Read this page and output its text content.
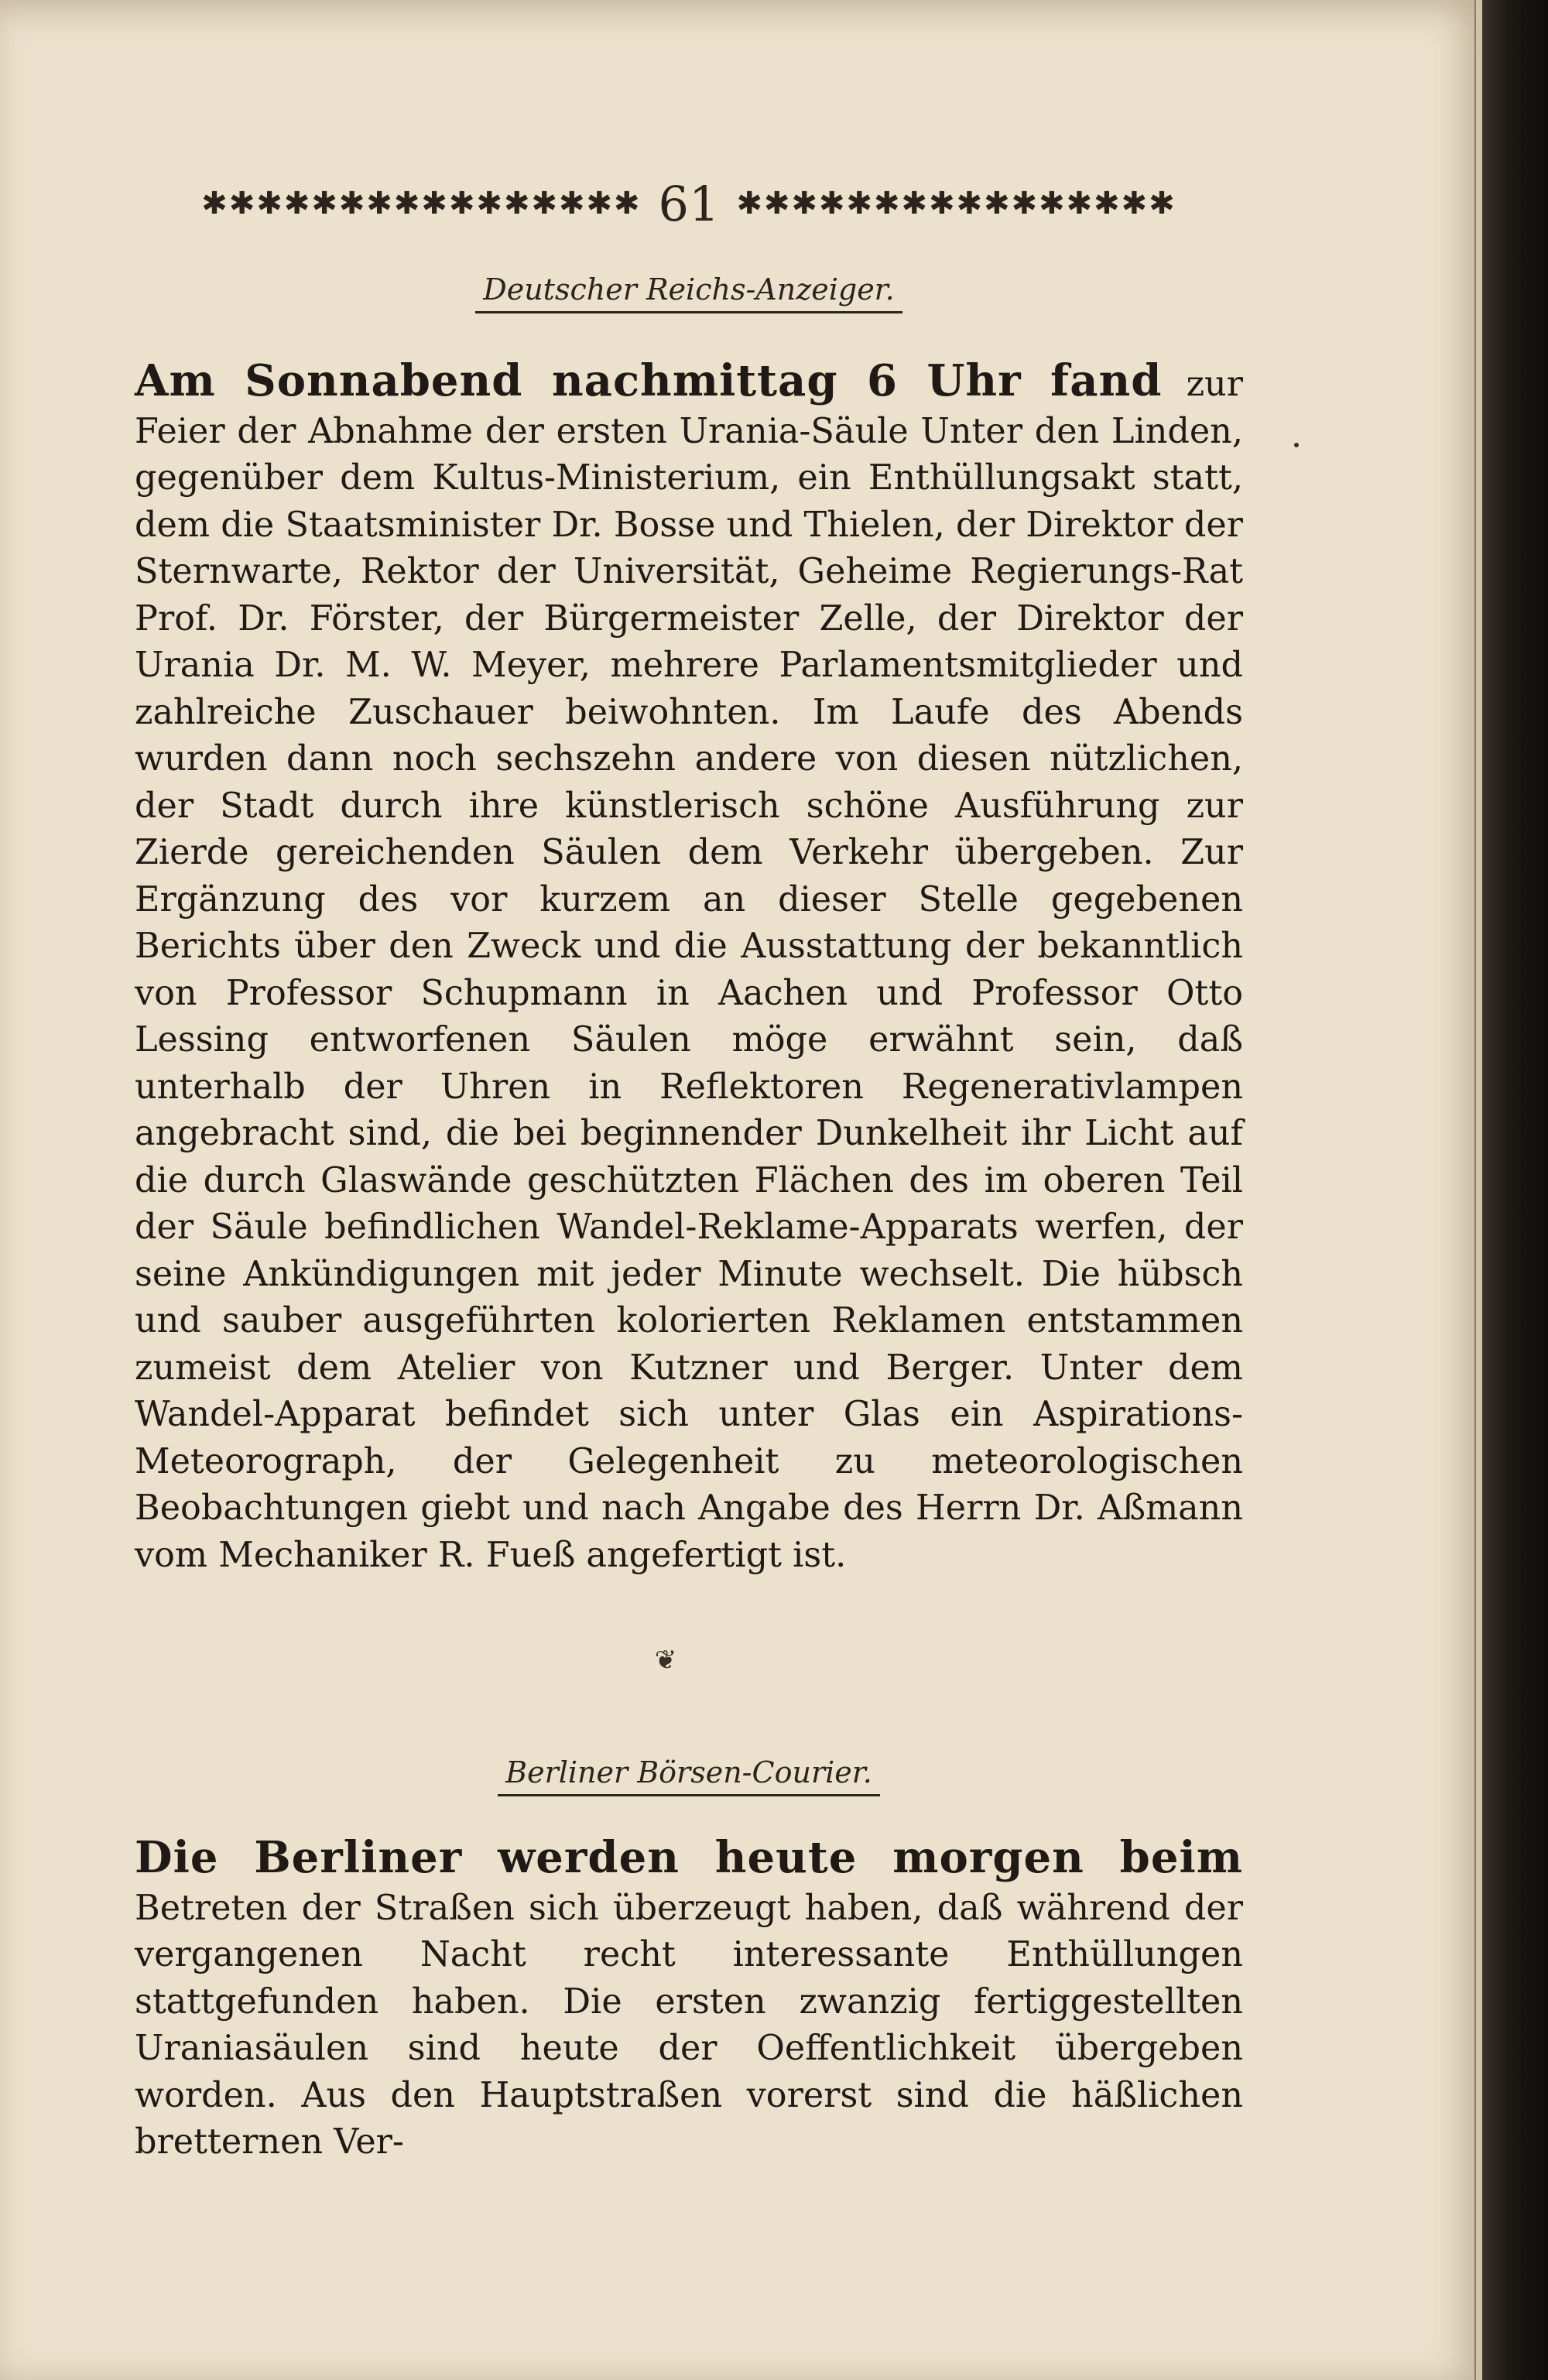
✱✱✱✱✱✱✱✱✱✱✱✱✱✱✱✱ 61 ✱✱✱✱✱✱✱✱✱✱✱✱✱✱✱✱
Deutscher Reichs-Anzeiger.

Am Sonnabend nachmittag 6 Uhr fand zur Feier der Abnahme der ersten Urania-Säule Unter den Linden, gegenüber dem Kultus-Ministerium, ein Enthüllungsakt statt, dem die Staatsminister Dr. Bosse und Thielen, der Direktor der Sternwarte, Rektor der Universität, Geheime Regierungs-Rat Prof. Dr. Förster, der Bürgermeister Zelle, der Direktor der Urania Dr. M. W. Meyer, mehrere Parlamentsmitglieder und zahlreiche Zuschauer beiwohnten. Im Laufe des Abends wurden dann noch sechszehn andere von diesen nützlichen, der Stadt durch ihre künstlerisch schöne Ausführung zur Zierde gereichenden Säulen dem Verkehr übergeben. Zur Ergänzung des vor kurzem an dieser Stelle gegebenen Berichts über den Zweck und die Ausstattung der bekanntlich von Professor Schupmann in Aachen und Professor Otto Lessing entworfenen Säulen möge erwähnt sein, daß unterhalb der Uhren in Reflektoren Regenerativlampen angebracht sind, die bei beginnender Dunkelheit ihr Licht auf die durch Glaswände geschützten Flächen des im oberen Teil der Säule befindlichen Wandel-Reklame-Apparats werfen, der seine Ankündigungen mit jeder Minute wechselt. Die hübsch und sauber ausgeführten kolorierten Reklamen entstammen zumeist dem Atelier von Kutzner und Berger. Unter dem Wandel-Apparat befindet sich unter Glas ein Aspirations-Meteorograph, der Gelegenheit zu meteorologischen Beobachtungen giebt und nach Angabe des Herrn Dr. Aßmann vom Mechaniker R. Fueß angefertigt ist.

❦
Berliner Börsen-Courier.

Die Berliner werden heute morgen beim Betreten der Straßen sich überzeugt haben, daß während der vergangenen Nacht recht interessante Enthüllungen stattgefunden haben. Die ersten zwanzig fertiggestellten Uraniasäulen sind heute der Oeffentlichkeit übergeben worden. Aus den Hauptstraßen vorerst sind die häßlichen bretternen Ver-
